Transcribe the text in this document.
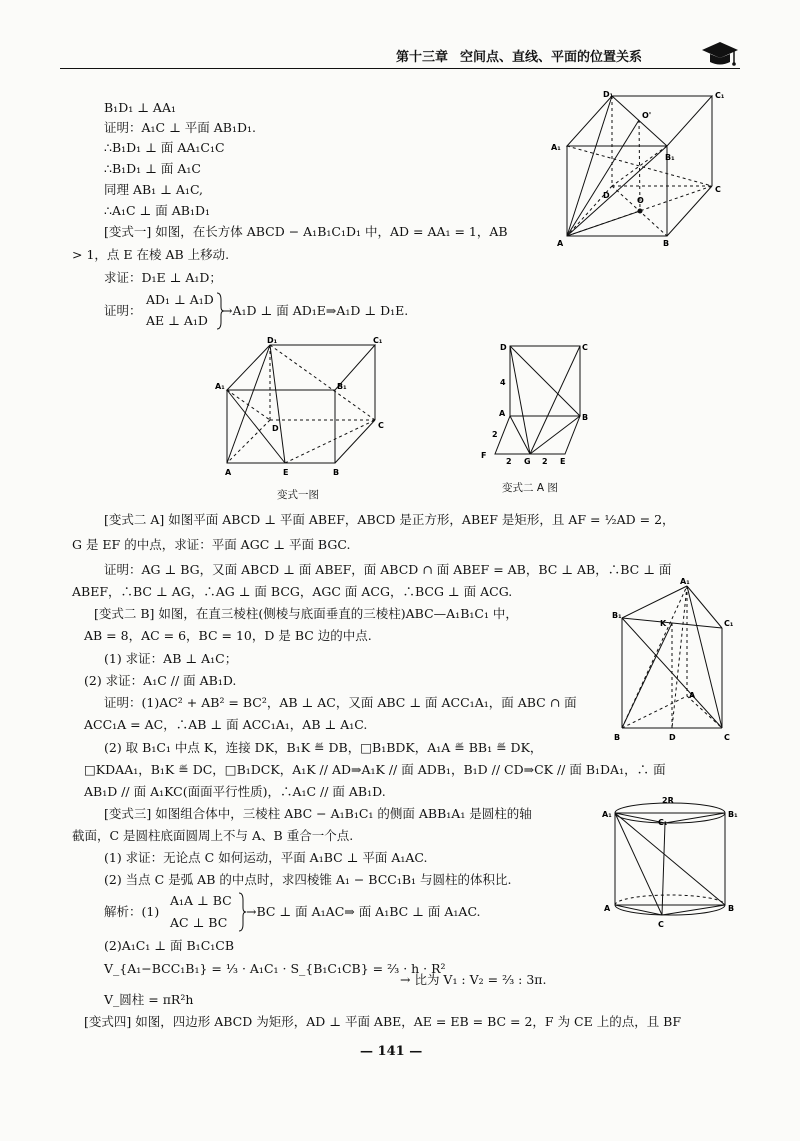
第十三章 空间点、直线、平面的位置关系
D₁	C₁
O'
A₁
B₁
D
O
C
A	B
B₁D₁ ⊥ AA₁
证明：A₁C ⊥ 平面 AB₁D₁.
∴B₁D₁ ⊥ 面 AA₁C₁C
∴B₁D₁ ⊥ 面 A₁C
同理 AB₁ ⊥ A₁C,
∴A₁C ⊥ 面 AB₁D₁
[变式一] 如图，在长方体 ABCD − A₁B₁C₁D₁ 中，AD = AA₁ = 1，AB
> 1，点 E 在棱 AB 上移动.
求证：D₁E ⊥ A₁D；
AD₁ ⊥ A₁D
证明：
AE ⊥ A₁D
→A₁D ⊥ 面 AD₁E⇒A₁D ⊥ D₁E.
D₁	C₁
A₁	B₁
D	C
A	E	B
变式一图
D	C
4
A	B
2
F
2 G 2 E
变式二 A 图
[变式二 A] 如图平面 ABCD ⊥ 平面 ABEF，ABCD 是正方形，ABEF 是矩形，且 AF = ½AD = 2，
G 是 EF 的中点，求证：平面 AGC ⊥ 平面 BGC.
证明：AG ⊥ BG，又面 ABCD ⊥ 面 ABEF，面 ABCD ∩ 面 ABEF = AB，BC ⊥ AB，∴BC ⊥ 面
ABEF，∴BC ⊥ AG，∴AG ⊥ 面 BCG，AGC 面 ACG，∴BCG ⊥ 面 ACG.
[变式二 B] 如图，在直三棱柱(侧棱与底面垂直的三棱柱)ABC—A₁B₁C₁ 中，
AB = 8，AC = 6，BC = 10，D 是 BC 边的中点.
(1) 求证：AB ⊥ A₁C；
(2) 求证：A₁C // 面 AB₁D.
证明：(1)AC² + AB² = BC²，AB ⊥ AC，又面 ABC ⊥ 面 ACC₁A₁，面 ABC ∩ 面
ACC₁A = AC，∴AB ⊥ 面 ACC₁A₁，AB ⊥ A₁C.
(2) 取 B₁C₁ 中点 K，连接 DK，B₁K ≝ DB，□B₁BDK，A₁A ≝ BB₁ ≝ DK，
□KDAA₁，B₁K ≝ DC，□B₁DCK，A₁K // AD⇒A₁K // 面 ADB₁，B₁D // CD⇒CK // 面 B₁DA₁，∴ 面
AB₁D // 面 A₁KC(面面平行性质)，∴A₁C // 面 AB₁D.
A₁
B₁
K	C₁
A
B	D	C
[变式三] 如图组合体中，三棱柱 ABC − A₁B₁C₁ 的侧面 ABB₁A₁ 是圆柱的轴
截面，C 是圆柱底面圆周上不与 A、B 重合一个点.
(1) 求证：无论点 C 如何运动，平面 A₁BC ⊥ 平面 A₁AC.
(2) 当点 C 是弧 AB 的中点时，求四棱锥 A₁ − BCC₁B₁ 与圆柱的体积比.
A₁A ⊥ BC
解析：(1)
AC ⊥ BC
→BC ⊥ 面 A₁AC⇒ 面 A₁BC ⊥ 面 A₁AC.
(2)A₁C₁ ⊥ 面 B₁C₁CB
V_{A₁−BCC₁B₁} = ⅓ · A₁C₁ · S_{B₁C₁CB} = ⅔ · h · R²
→ 比为 V₁ : V₂ = ⅔ : 3π.
V_圆柱 = πR²h
[变式四] 如图，四边形 ABCD 为矩形，AD ⊥ 平面 ABE，AE = EB = BC = 2，F 为 CE 上的点，且 BF
2R
C₁
A₁	B₁
A	B
C
— 141 —
